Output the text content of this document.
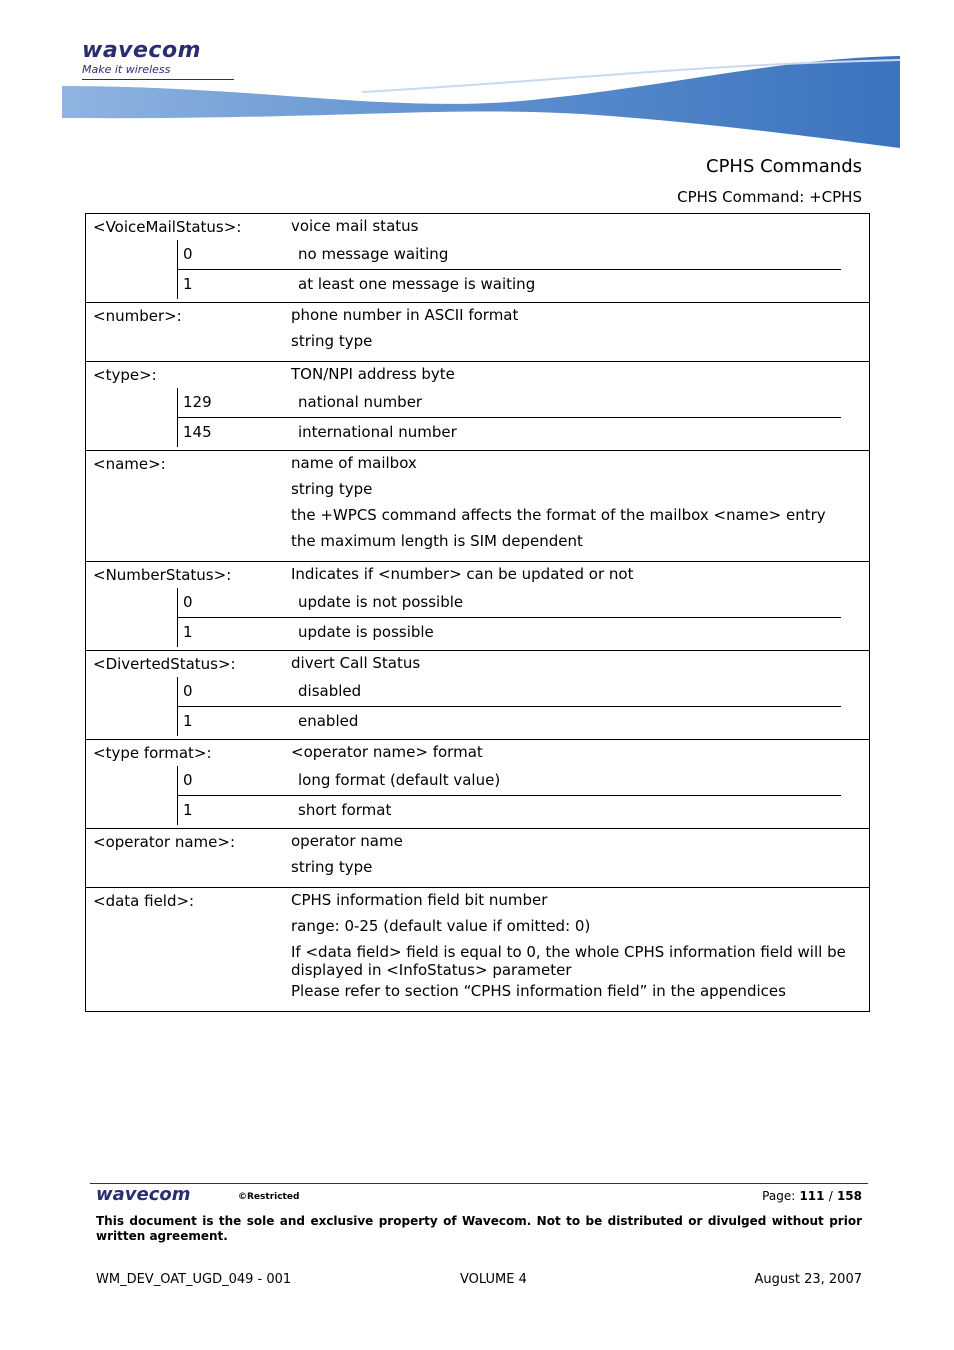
wavecom
Make it wireless
CPHS Commands
CPHS Command: +CPHS
<VoiceMailStatus>:	voice mail status
0	no message waiting
1	at least one message is waiting
<number>:	phone number in ASCII format
string type
<type>:	TON/NPI address byte
129	national number
145	international number
<name>:	name of mailbox
string type
the +WPCS command affects the format of the mailbox <name> entry
the maximum length is SIM dependent
<NumberStatus>:	Indicates if <number> can be updated or not
0	update is not possible
1	update is possible
<DivertedStatus>:	divert Call Status
0	disabled
1	enabled
<type format>:	<operator name> format
0	long format (default value)
1	short format
<operator name>:	operator name
string type
<data field>:	CPHS information field bit number
range: 0-25 (default value if omitted: 0)
If <data field> field is equal to 0, the whole CPHS information field will be displayed in <InfoStatus> parameter
Please refer to section “CPHS information field” in the appendices
wavecom	©Restricted	Page: 111 / 158
This document is the sole and exclusive property of Wavecom. Not to be distributed or divulged without prior written agreement.
WM_DEV_OAT_UGD_049 - 001	VOLUME 4	August 23, 2007
